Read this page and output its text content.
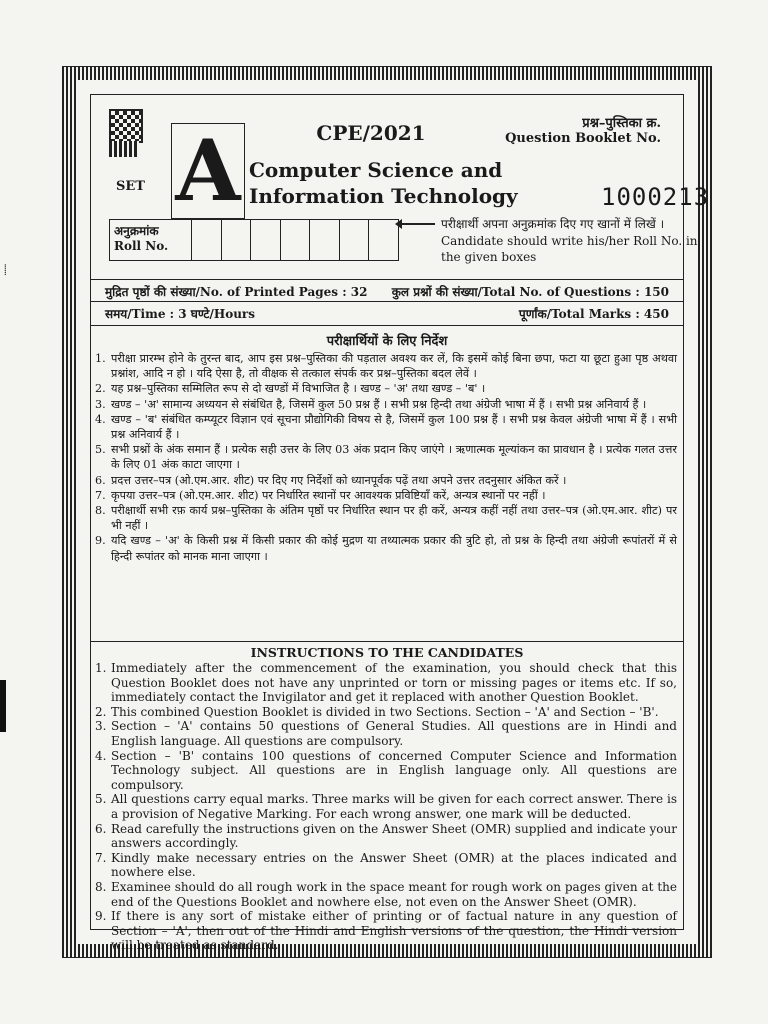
⸽
SET A	CPE/2021
Computer Science and
Information Technology
प्रश्न–पुस्तिका क्र.
Question Booklet No.
1000213
अनुक्रमांक
Roll No.
परीक्षार्थी अपना अनुक्रमांक दिए गए खानों में लिखें ।
Candidate should write his/her Roll No. in the given boxes
मुद्रित पृष्ठों की संख्या/No. of Printed Pages : 32 कुल प्रश्नों की संख्या/Total No. of Questions : 150
समय/Time : 3 घण्टे/Hours	पूर्णांक/Total Marks : 450
परीक्षार्थियों के लिए निर्देश
1. परीक्षा प्रारम्भ होने के तुरन्त बाद, आप इस प्रश्न–पुस्तिका की पड़ताल अवश्य कर लें, कि इसमें कोई बिना छपा, फटा या छूटा हुआ पृष्ठ अथवा प्रश्नांश, आदि न हो । यदि ऐसा है, तो वीक्षक से तत्काल संपर्क कर प्रश्न–पुस्तिका बदल लेवें ।
2. यह प्रश्न–पुस्तिका सम्मिलित रूप से दो खण्डों में विभाजित है । खण्ड – 'अ' तथा खण्ड – 'ब' ।
3. खण्ड – 'अ' सामान्य अध्ययन से संबंधित है, जिसमें कुल 50 प्रश्न हैं । सभी प्रश्न हिन्दी तथा अंग्रेजी भाषा में हैं । सभी प्रश्न अनिवार्य हैं ।
4. खण्ड – 'ब' संबंधित कम्प्यूटर विज्ञान एवं सूचना प्रौद्योगिकी विषय से है, जिसमें कुल 100 प्रश्न हैं । सभी प्रश्न केवल अंग्रेजी भाषा में हैं । सभी प्रश्न अनिवार्य हैं ।
5. सभी प्रश्नों के अंक समान हैं । प्रत्येक सही उत्तर के लिए 03 अंक प्रदान किए जाएंगे । ऋणात्मक मूल्यांकन का प्रावधान है । प्रत्येक गलत उत्तर के लिए 01 अंक काटा जाएगा ।
6. प्रदत्त उत्तर–पत्र (ओ.एम.आर. शीट) पर दिए गए निर्देशों को ध्यानपूर्वक पढ़ें तथा अपने उत्तर तदनुसार अंकित करें ।
7. कृपया उत्तर–पत्र (ओ.एम.आर. शीट) पर निर्धारित स्थानों पर आवश्यक प्रविष्टियाँ करें, अन्यत्र स्थानों पर नहीं ।
8. परीक्षार्थी सभी रफ़ कार्य प्रश्न–पुस्तिका के अंतिम पृष्ठों पर निर्धारित स्थान पर ही करें, अन्यत्र कहीं नहीं तथा उत्तर–पत्र (ओ.एम.आर. शीट) पर भी नहीं ।
9. यदि खण्ड – 'अ' के किसी प्रश्न में किसी प्रकार की कोई मुद्रण या तथ्यात्मक प्रकार की त्रुटि हो, तो प्रश्न के हिन्दी तथा अंग्रेजी रूपांतरों में से हिन्दी रूपांतर को मानक माना जाएगा ।
INSTRUCTIONS TO THE CANDIDATES
1. Immediately after the commencement of the examination, you should check that this Question Booklet does not have any unprinted or torn or missing pages or items etc. If so, immediately contact the Invigilator and get it replaced with another Question Booklet.
2. This combined Question Booklet is divided in two Sections. Section – 'A' and Section – 'B'.
3. Section – 'A' contains 50 questions of General Studies. All questions are in Hindi and English language. All questions are compulsory.
4. Section – 'B' contains 100 questions of concerned Computer Science and Information Technology subject. All questions are in English language only. All questions are compulsory.
5. All questions carry equal marks. Three marks will be given for each correct answer. There is a provision of Negative Marking. For each wrong answer, one mark will be deducted.
6. Read carefully the instructions given on the Answer Sheet (OMR) supplied and indicate your answers accordingly.
7. Kindly make necessary entries on the Answer Sheet (OMR) at the places indicated and nowhere else.
8. Examinee should do all rough work in the space meant for rough work on pages given at the end of the Questions Booklet and nowhere else, not even on the Answer Sheet (OMR).
9. If there is any sort of mistake either of printing or of factual nature in any question of Section – 'A', then out of the Hindi and English versions of the question, the Hindi version will be treated as standard.
